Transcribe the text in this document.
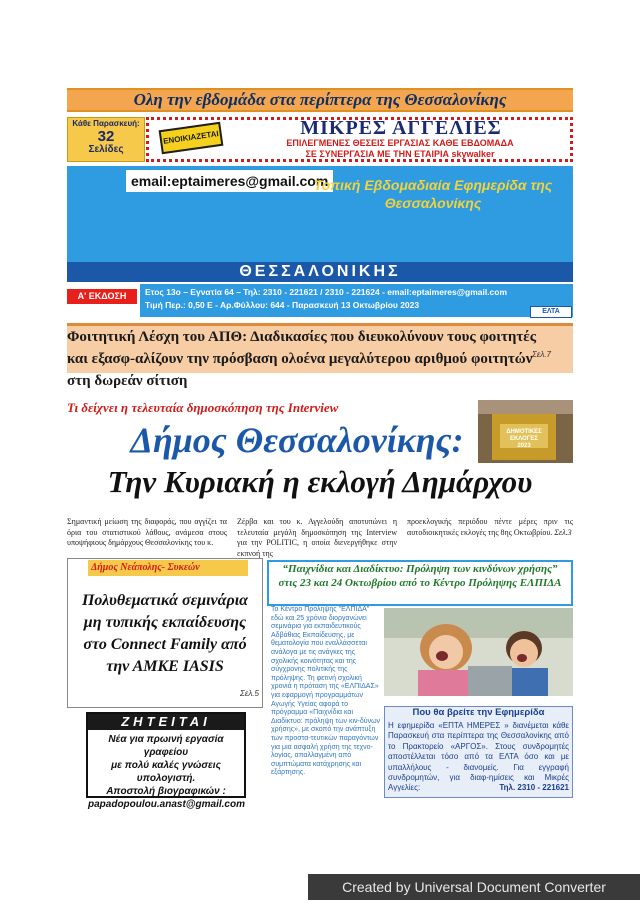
Ολη την εβδομάδα στα περίπτερα της Θεσσαλονίκης
Κάθε Παρασκευή:
32
Σελίδες
ΕΝΟΙΚΙΑΖΕΤΑΙ	ΜΙΚΡΕΣ ΑΓΓΕΛΙΕΣ
ΕΠΙΛΕΓΜΕΝΕΣ ΘΕΣΕΙΣ ΕΡΓΑΣΙΑΣ ΚΑΘΕ ΕΒΔΟΜΑΔΑ
ΣΕ ΣΥΝΕΡΓΑΣΙΑ ΜΕ ΤΗΝ ΕΤΑΙΡΙΑ skywalker
email:eptaimeres@gmail.com
Τοπική Εβδομαδιαία Εφημερίδα της Θεσσαλονίκης
ΘΕΣΣΑΛΟΝΙΚΗΣ
Α' ΕΚΔΟΣΗ	Ετος 13ο – Εγνατία 64 – Τηλ: 2310 - 221621 / 2310 - 221624 - email:eptaimeres@gmail.com
Τιμή Περ.: 0,50 Ε - Αρ.Φύλλου: 644 - Παρασκευή 13 Οκτωβρίου 2023
ΕΛΤΑ
Φοιτητική Λέσχη του ΑΠΘ: Διαδικασίες που διευκολύνουν τους φοιτητές και εξασφ-αλίζουν την πρόσβαση ολοένα μεγαλύτερου αριθμού φοιτητών στη δωρεάν σίτιση
Σελ.7
Τι δείχνει η τελευταία δημοσκόπηση της Interview
ΔΗΜΟΤΙΚΕΣ
ΕΚΛΟΓΕΣ
2023
Δήμος Θεσσαλονίκης:
Την Κυριακή η εκλογή Δημάρχου
Σημαντική μείωση της διαφοράς, που αγγίζει τα όρια του στατιστικού λάθους, ανάμεσα στους υποψήφιους δημάρχους Θεσσαλονίκης του κ.
Ζέρβα και του κ. Αγγελούδη αποτυπώνει η τελευταία μεγάλη δημοσκόπηση της Interview για την POLITIC, η οποία διενεργήθηκε στην εκπνοή της
προεκλογικής περιόδου πέντε μέρες πριν τις αυτοδιοικητικές εκλογές της 8ης Οκτωβρίου. Σελ.3
Δήμος Νεάπολης- Συκεών
Πολυθεματικά σεμινάρια μη τυπικής εκπαίδευσης στο Connect Family από την ΑΜΚΕ IASIS
Σελ.5
ΖΗΤΕΙΤΑΙ
Νέα για πρωινή εργασία γραφείου
με πολύ καλές γνώσεις υπολογιστή.
Αποστολή βιογραφικών :
papadopoulou.anast@gmail.com
“Παιχνίδια και Διαδίκτυο: Πρόληψη των κινδύνων χρήσης” στις 23 και 24 Οκτωβρίου από το Κέντρο Πρόληψης ΕΛΠΙΔΑ
Το Κέντρο Πρόληψης "ΕΛΠΙΔΑ" εδώ και 25 χρόνια διοργανώνει σεμινάρια για εκπαιδευτικούς Αδβάθιας Εκπαίδευσης, με θεματολογία που εναλλάσσεται ανάλογα με τις ανάγκες της σχολικής κοινότητας και της σύγχρονης πολιτικής της πρόληψης. Τη φετινή σχολική χρονιά η πρόταση της «ΕΛΠΙΔΑΣ» για εφαρμογή προγραμμάτων Αγωγής Υγείας αφορά το πρόγραμμα «Παιχνίδια και Διαδίκτυο: πρόληψη των κιν-δύνων χρήσης», με σκοπό την ανάπτυξη των προστα-τευτικών παραγόντων για μια ασφαλή χρήση της τεχνο-λογίας, απαλλαγμένη από συμπτώματα κατάχρησης και εξάρτησης.
Που θα βρείτε την Εφημερίδα
Η εφημερίδα «ΕΠΤΑ ΗΜΕΡΕΣ » διανέμεται κάθε Παρασκευή στα περίπτερα της Θεσσαλονίκης από το Πρακτορείο «ΑΡΓΟΣ». Στους συνδρομητές αποστέλλεται τόσο από τα ΕΛΤΑ όσο και με υπαλλήλους - διανομείς. Για εγγραφή συνδρομητών, για διαφ-ημίσεις και Μικρές Αγγελίες:	Τηλ. 2310 - 221621
Created by Universal Document Converter
